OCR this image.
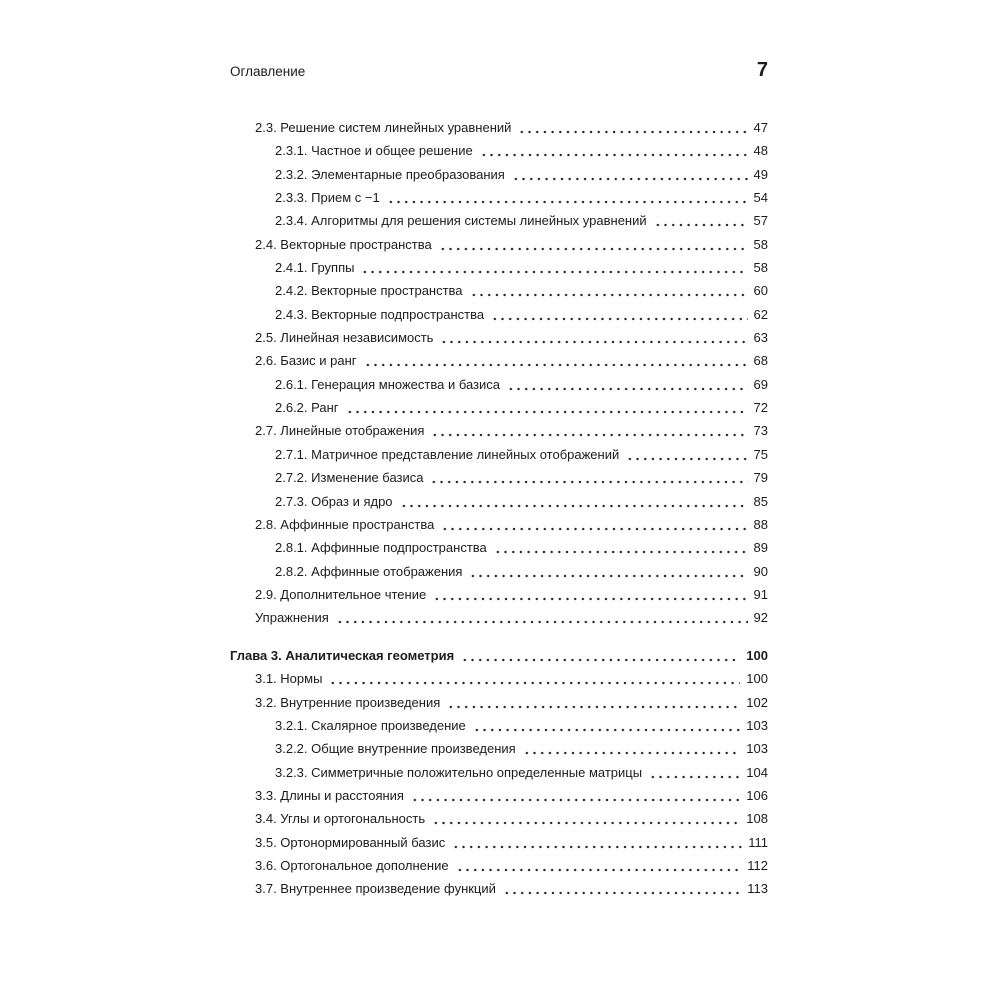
Оглавление	7
2.3. Решение систем линейных уравнений	47
2.3.1. Частное и общее решение	48
2.3.2. Элементарные преобразования	49
2.3.3. Прием с −1	54
2.3.4. Алгоритмы для решения системы линейных уравнений	57
2.4. Векторные пространства	58
2.4.1. Группы	58
2.4.2. Векторные пространства	60
2.4.3. Векторные подпространства	62
2.5. Линейная независимость	63
2.6. Базис и ранг	68
2.6.1. Генерация множества и базиса	69
2.6.2. Ранг	72
2.7. Линейные отображения	73
2.7.1. Матричное представление линейных отображений	75
2.7.2. Изменение базиса	79
2.7.3. Образ и ядро	85
2.8. Аффинные пространства	88
2.8.1. Аффинные подпространства	89
2.8.2. Аффинные отображения	90
2.9. Дополнительное чтение	91
Упражнения	92
Глава 3. Аналитическая геометрия	100
3.1. Нормы	100
3.2. Внутренние произведения	102
3.2.1. Скалярное произведение	103
3.2.2. Общие внутренние произведения	103
3.2.3. Симметричные положительно определенные матрицы	104
3.3. Длины и расстояния	106
3.4. Углы и ортогональность	108
3.5. Ортонормированный базис	111
3.6. Ортогональное дополнение	112
3.7. Внутреннее произведение функций	113
